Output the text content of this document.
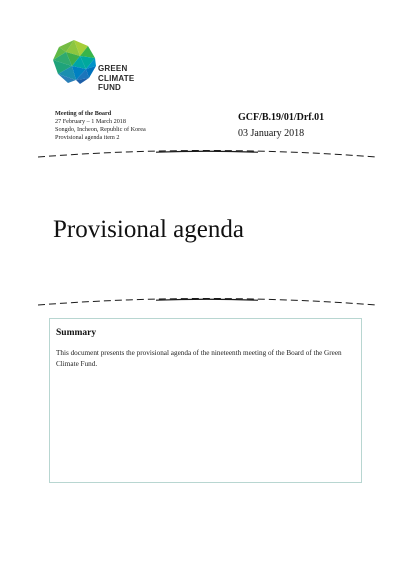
GREEN
CLIMATE
FUND
Meeting of the Board
27 February – 1 March 2018
Songdo, Incheon, Republic of Korea
Provisional agenda item 2
GCF/B.19/01/Drf.01
03 January 2018
Provisional agenda
Summary
This document presents the provisional agenda of the nineteenth meeting of the Board of the Green Climate Fund.
